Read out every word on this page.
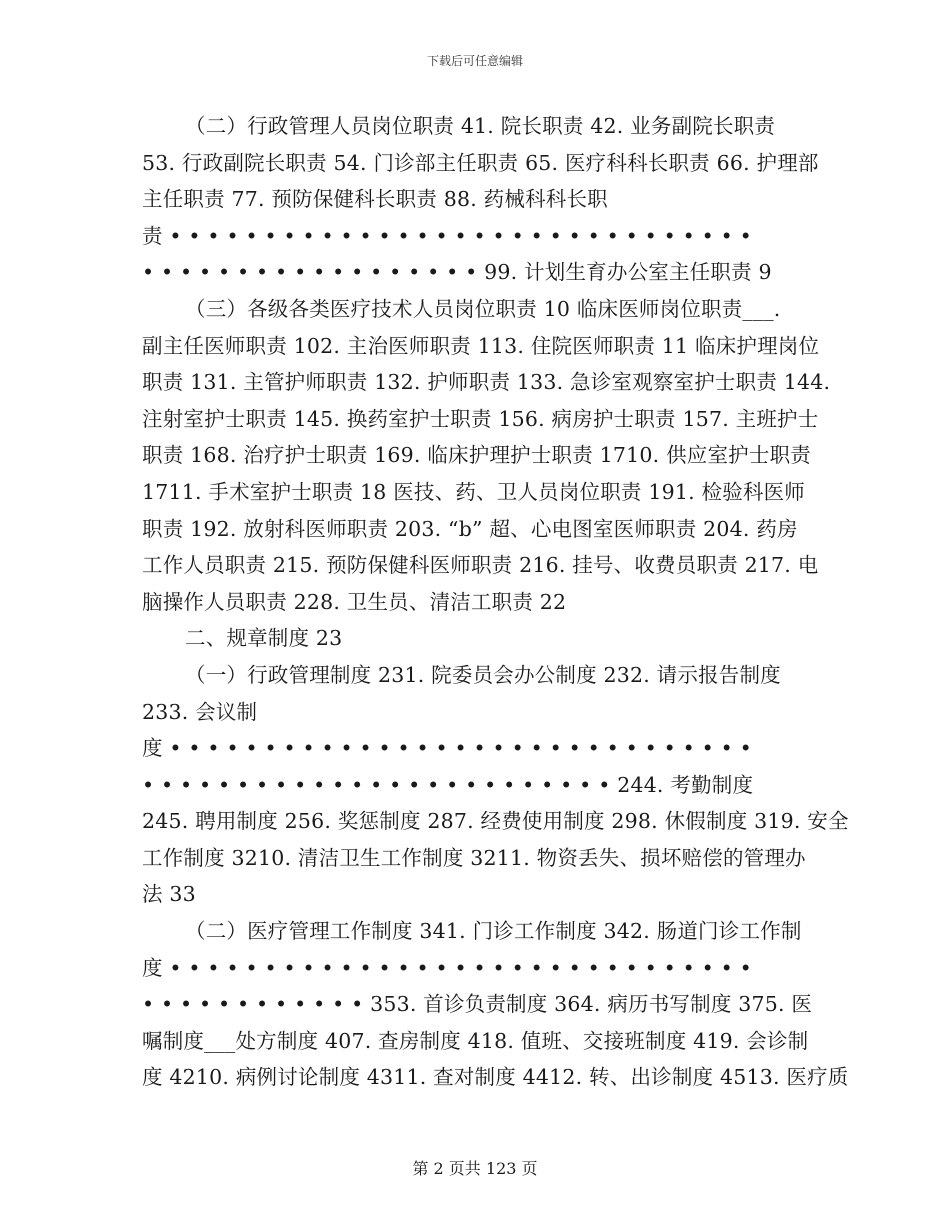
下载后可任意编辑
（二）行政管理人员岗位职责 41. 院长职责 42. 业务副院长职责
53. 行政副院长职责 54. 门诊部主任职责 65. 医疗科科长职责 66. 护理部
主任职责 77. 预防保健科长职责 88. 药械科科长职
责 • • • • • • • • • • • • • • • • • • • • • • • • • • • • • • •
• • • • • • • • • • • • • • • • • • 99. 计划生育办公室主任职责 9
（三）各级各类医疗技术人员岗位职责 10 临床医师岗位职责___.
副主任医师职责 102. 主治医师职责 113. 住院医师职责 11 临床护理岗位
职责 131. 主管护师职责 132. 护师职责 133. 急诊室观察室护士职责 144.
注射室护士职责 145. 换药室护士职责 156. 病房护士职责 157. 主班护士
职责 168. 治疗护士职责 169. 临床护理护士职责 1710. 供应室护士职责
1711. 手术室护士职责 18 医技、药、卫人员岗位职责 191. 检验科医师
职责 192. 放射科医师职责 203. “b” 超、心电图室医师职责 204. 药房
工作人员职责 215. 预防保健科医师职责 216. 挂号、收费员职责 217. 电
脑操作人员职责 228. 卫生员、清洁工职责 22
二、规章制度 23
（一）行政管理制度 231. 院委员会办公制度 232. 请示报告制度
233. 会议制
度 • • • • • • • • • • • • • • • • • • • • • • • • • • • • • • •
• • • • • • • • • • • • • • • • • • • • • • • • • 244. 考勤制度
245. 聘用制度 256. 奖惩制度 287. 经费使用制度 298. 休假制度 319. 安全
工作制度 3210. 清洁卫生工作制度 3211. 物资丢失、损坏赔偿的管理办
法 33
（二）医疗管理工作制度 341. 门诊工作制度 342. 肠道门诊工作制
度 • • • • • • • • • • • • • • • • • • • • • • • • • • • • • • •
• • • • • • • • • • • • 353. 首诊负责制度 364. 病历书写制度 375. 医
嘱制度___处方制度 407. 查房制度 418. 值班、交接班制度 419. 会诊制
度 4210. 病例讨论制度 4311. 查对制度 4412. 转、出诊制度 4513. 医疗质
第 2 页共 123 页
